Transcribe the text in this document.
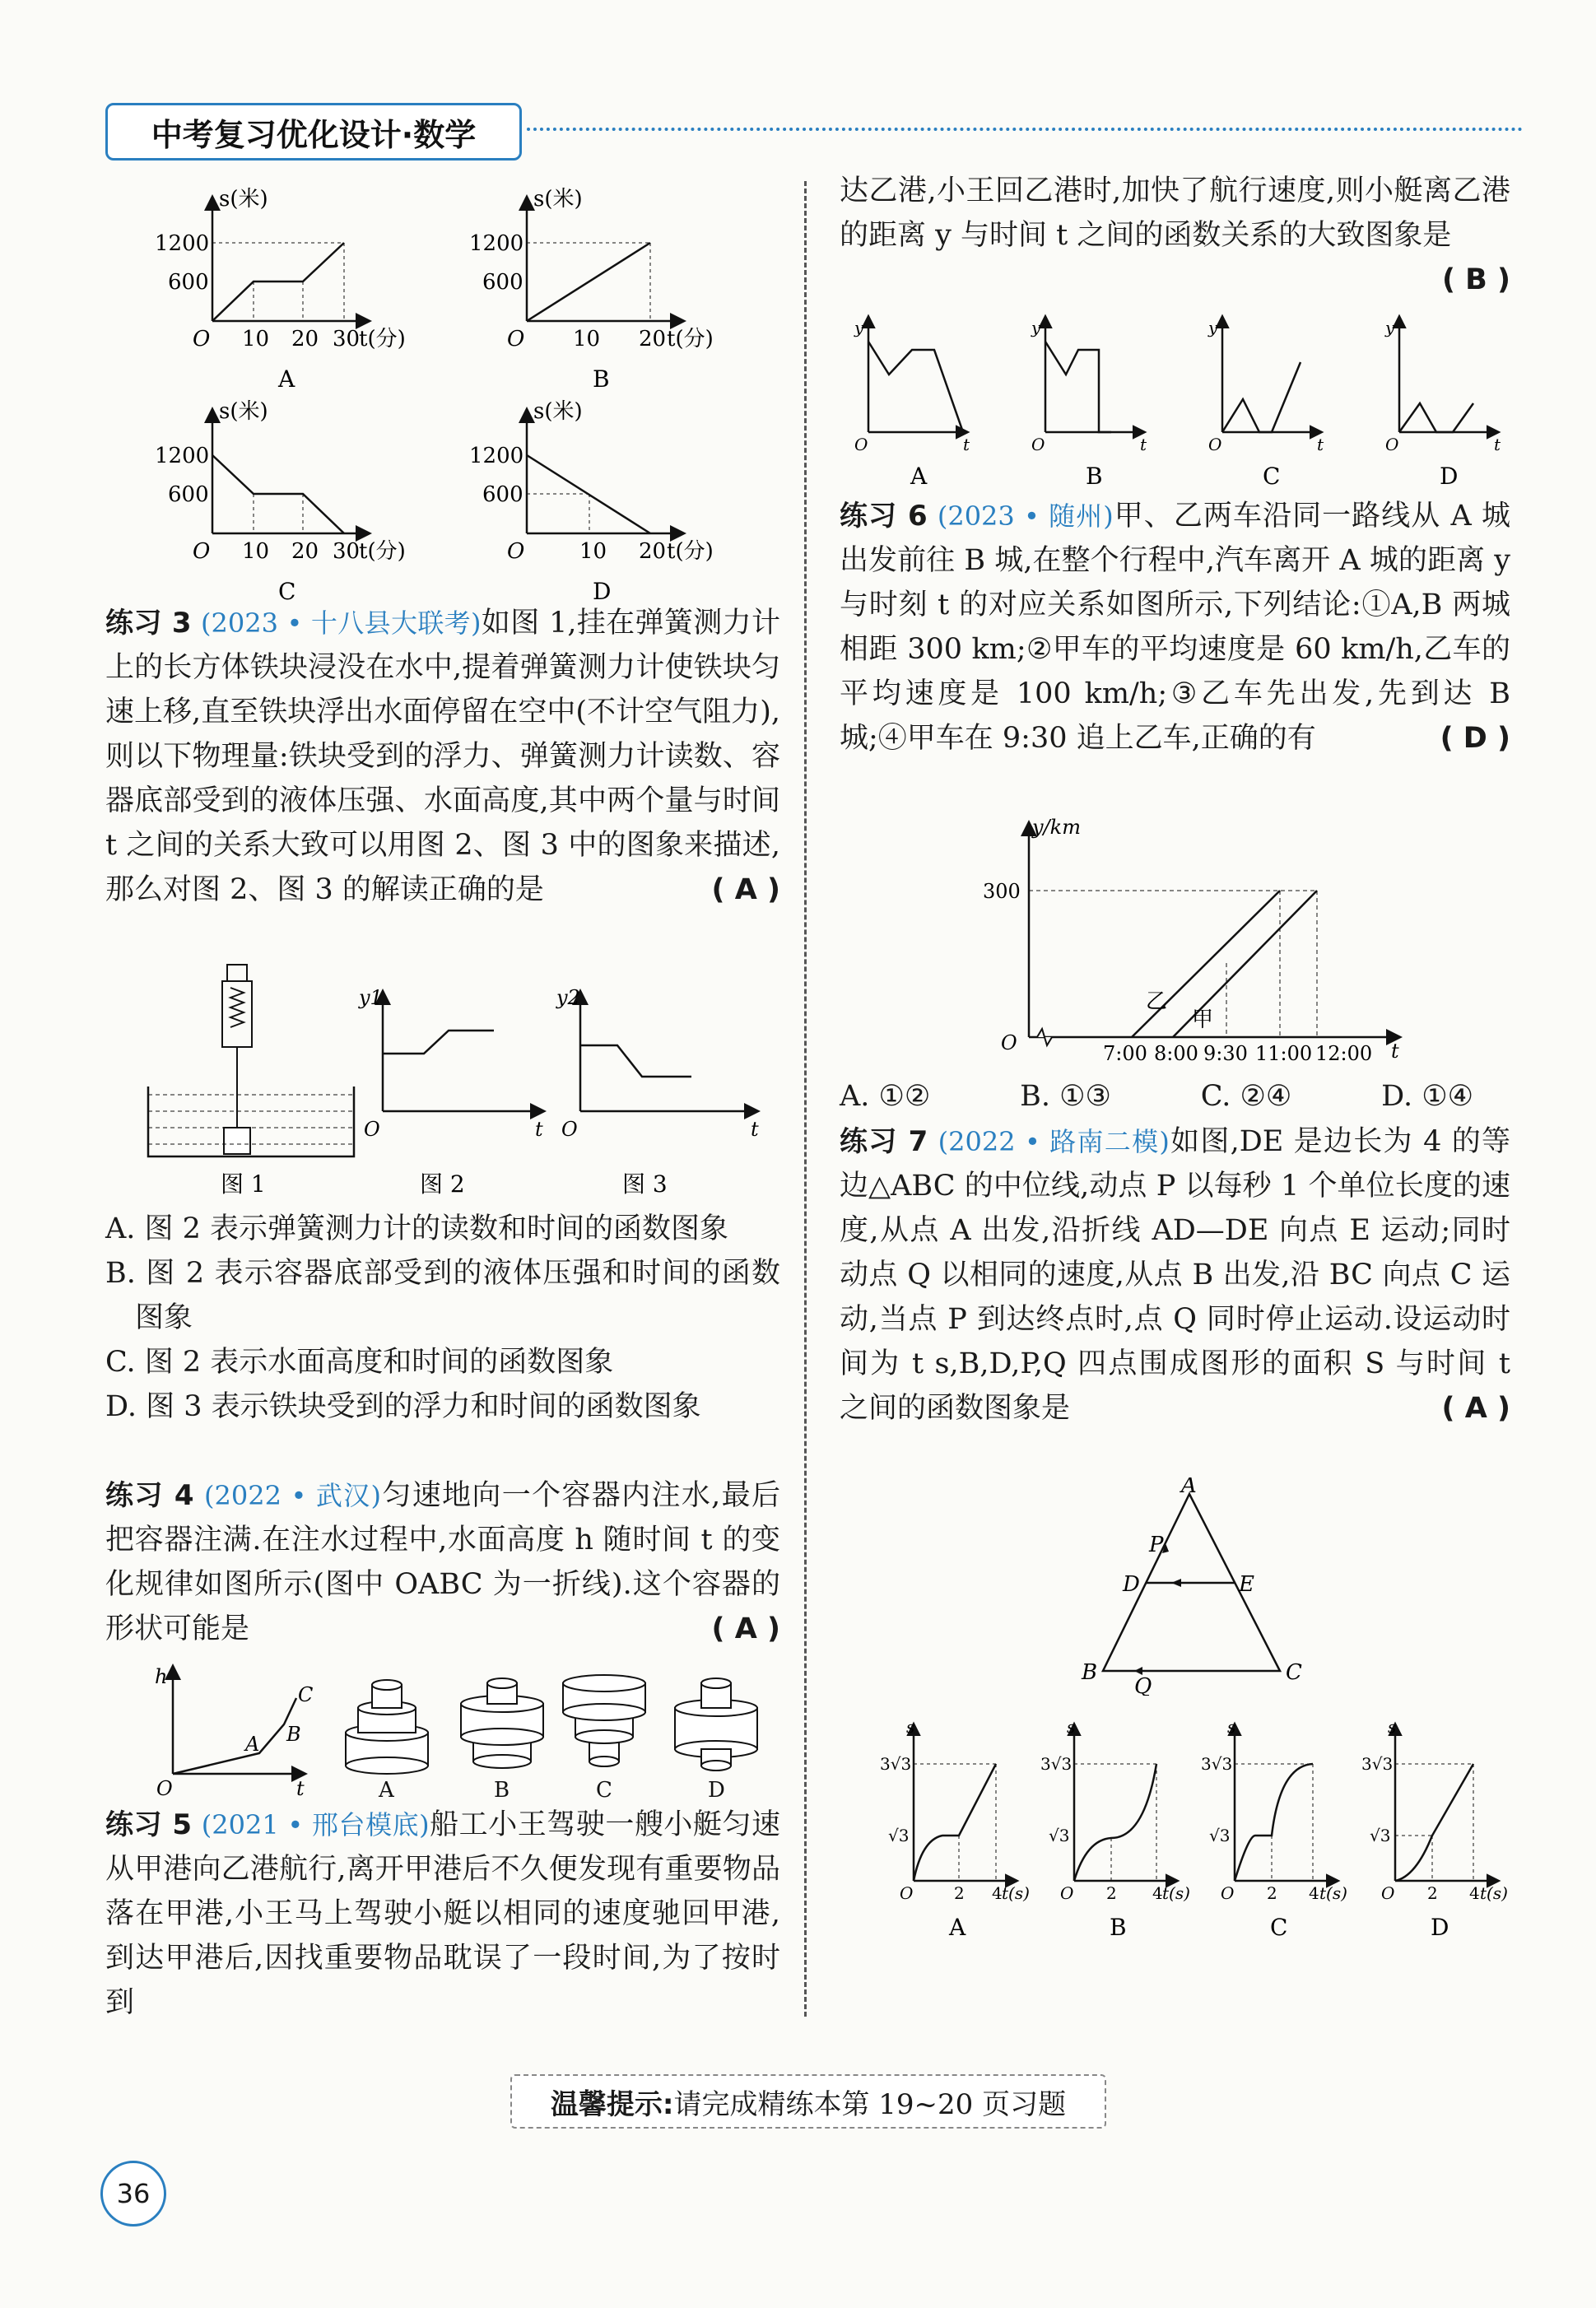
中考复习优化设计·数学
1200
600
O 10 20 30
t(分)
s(米)
A
1200
600
O 10 20 t(分)
s(米)
B
1200
600
O 10 20 30
t(分)
s(米)
C
1200
600
O	10 20 t(分)
s(米)
D

练习 3 (2023 • 十八县大联考)如图 1,挂在弹簧测力计上的长方体铁块浸没在水中,提着弹簧测力计使铁块匀速上移,直至铁块浮出水面停留在空中(不计空气阻力),则以下物理量:铁块受到的浮力、弹簧测力计读数、容器底部受到的液体压强、水面高度,其中两个量与时间 t 之间的关系大致可以用图 2、图 3 中的图象来描述,那么对图 2、图 3 的解读正确的是	( A )

图 1
y1
O	t
图 2
y2
O	t
图 3

A. 图 2 表示弹簧测力计的读数和时间的函数图象

B. 图 2 表示容器底部受到的液体压强和时间的函数图象

C. 图 2 表示水面高度和时间的函数图象

D. 图 3 表示铁块受到的浮力和时间的函数图象

练习 4 (2022 • 武汉)匀速地向一个容器内注水,最后把容器注满.在注水过程中,水面高度 h 随时间 t 的变化规律如图所示(图中 OABC 为一折线).这个容器的形状可能是	( A )

h
O	t
A B
C
A	B	C	D

练习 5 (2021 • 邢台模底)船工小王驾驶一艘小艇匀速从甲港向乙港航行,离开甲港后不久便发现有重要物品落在甲港,小王马上驾驶小艇以相同的速度驰回甲港,到达甲港后,因找重要物品耽误了一段时间,为了按时到

达乙港,小王回乙港时,加快了航行速度,则小艇离乙港的距离 y 与时间 t 之间的函数关系的大致图象是
( B )

y
O	t
A
y
O	t
B
y
O	t
C
y
O	t
D

练习 6 (2023 • 随州)甲、乙两车沿同一路线从 A 城出发前往 B 城,在整个行程中,汽车离开 A 城的距离 y 与时刻 t 的对应关系如图所示,下列结论:①A,B 两城相距 300 km;②甲车的平均速度是 60 km/h,乙车的平均速度是 100 km/h;③乙车先出发,先到达 B 城;④甲车在 9:30 追上乙车,正确的有	( D )

y/km
300
O	t
乙
甲
7:00 8:00 9:30 11:00 12:00
A. ①②	B. ①③	C. ②④	D. ①④

练习 7 (2022 • 路南二模)如图,DE 是边长为 4 的等边△ABC 的中位线,动点 P 以每秒 1 个单位长度的速度,从点 A 出发,沿折线 AD—DE 向点 E 运动;同时动点 Q 以相同的速度,从点 B 出发,沿 BC 向点 C 运动,当点 P 到达终点时,点 Q 同时停止运动.设运动时间为 t s,B,D,P,Q 四点围成图形的面积 S 与时间 t 之间的函数图象是	( A )

A
P
D	E
B
Q
C
s
3√3
√3
O 2 4 t(s)
A
s
3√3
√3
O 2 4 t(s)
B
s
3√3
√3
O 2 4 t(s)
C
s
3√3
√3
O 2 4 t(s)
D
温馨提示: 请完成精练本第 19~20 页习题
36
